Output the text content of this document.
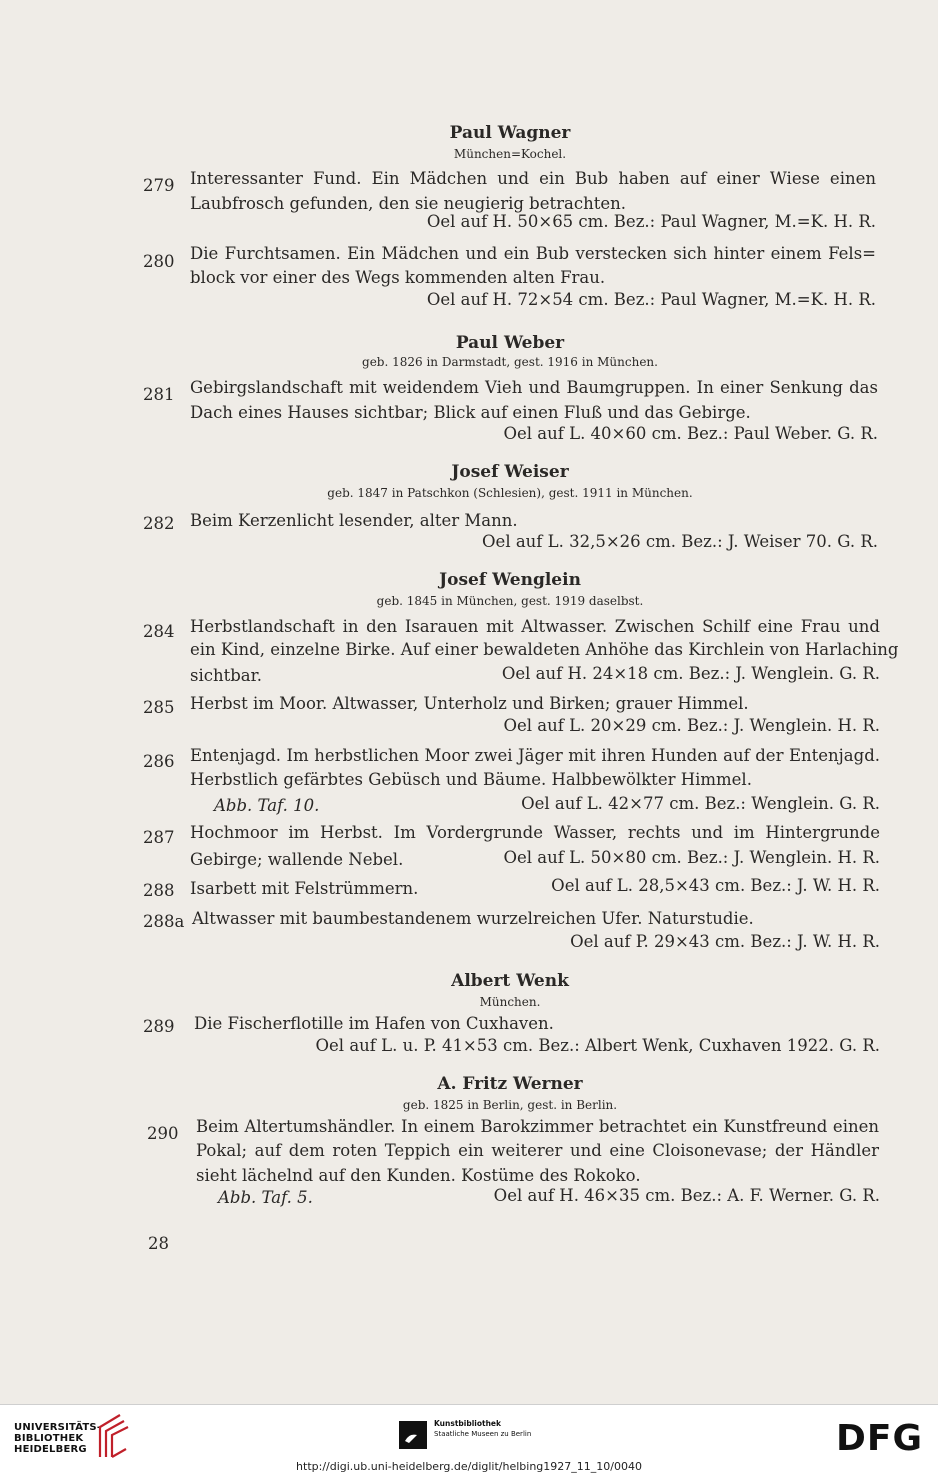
Paul Wagner
München=Kochel.
279 Interessanter Fund. Ein Mädchen und ein Bub haben auf einer Wiese einen
Laubfrosch gefunden, den sie neugierig betrachten.
Oel auf H. 50×65 cm. Bez.: Paul Wagner, M.=K. H. R.
280 Die Furchtsamen. Ein Mädchen und ein Bub verstecken sich hinter einem Fels=
block vor einer des Wegs kommenden alten Frau.
Oel auf H. 72×54 cm. Bez.: Paul Wagner, M.=K. H. R.
Paul Weber
geb. 1826 in Darmstadt, gest. 1916 in München.
281 Gebirgslandschaft mit weidendem Vieh und Baumgruppen. In einer Senkung das
Dach eines Hauses sichtbar; Blick auf einen Fluß und das Gebirge.
Oel auf L. 40×60 cm. Bez.: Paul Weber. G. R.
Josef Weiser
geb. 1847 in Patschkon (Schlesien), gest. 1911 in München.
282 Beim Kerzenlicht lesender, alter Mann.
Oel auf L. 32,5×26 cm. Bez.: J. Weiser 70. G. R.
Josef Wenglein
geb. 1845 in München, gest. 1919 daselbst.
284 Herbstlandschaft in den Isarauen mit Altwasser. Zwischen Schilf eine Frau und
ein Kind, einzelne Birke. Auf einer bewaldeten Anhöhe das Kirchlein von Harlaching
sichtbar.	Oel auf H. 24×18 cm. Bez.: J. Wenglein. G. R.
285 Herbst im Moor. Altwasser, Unterholz und Birken; grauer Himmel.
Oel auf L. 20×29 cm. Bez.: J. Wenglein. H. R.
286 Entenjagd. Im herbstlichen Moor zwei Jäger mit ihren Hunden auf der Entenjagd.
Herbstlich gefärbtes Gebüsch und Bäume. Halbbewölkter Himmel.
Abb. Taf. 10.	Oel auf L. 42×77 cm. Bez.: Wenglein. G. R.
287 Hochmoor im Herbst. Im Vordergrunde Wasser, rechts und im Hintergrunde
Gebirge; wallende Nebel.	Oel auf L. 50×80 cm. Bez.: J. Wenglein. H. R.
288 Isarbett mit Felstrümmern.	Oel auf L. 28,5×43 cm. Bez.: J. W. H. R.
288a Altwasser mit baumbestandenem wurzelreichen Ufer. Naturstudie.
Oel auf P. 29×43 cm. Bez.: J. W. H. R.
Albert Wenk
München.
289 Die Fischerflotille im Hafen von Cuxhaven.
Oel auf L. u. P. 41×53 cm. Bez.: Albert Wenk, Cuxhaven 1922. G. R.
A. Fritz Werner
geb. 1825 in Berlin, gest. in Berlin.
290 Beim Altertumshändler. In einem Barokzimmer betrachtet ein Kunstfreund einen
Pokal; auf dem roten Teppich ein weiterer und eine Cloisonevase; der Händler
sieht lächelnd auf den Kunden. Kostüme des Rokoko.
Abb. Taf. 5.	Oel auf H. 46×35 cm. Bez.: A. F. Werner. G. R.
28
UNIVERSITÄTS-
BIBLIOTHEK
HEIDELBERG
Kunstbibliothek
Staatliche Museen zu Berlin	DFG
http://digi.ub.uni-heidelberg.de/diglit/helbing1927_11_10/0040
